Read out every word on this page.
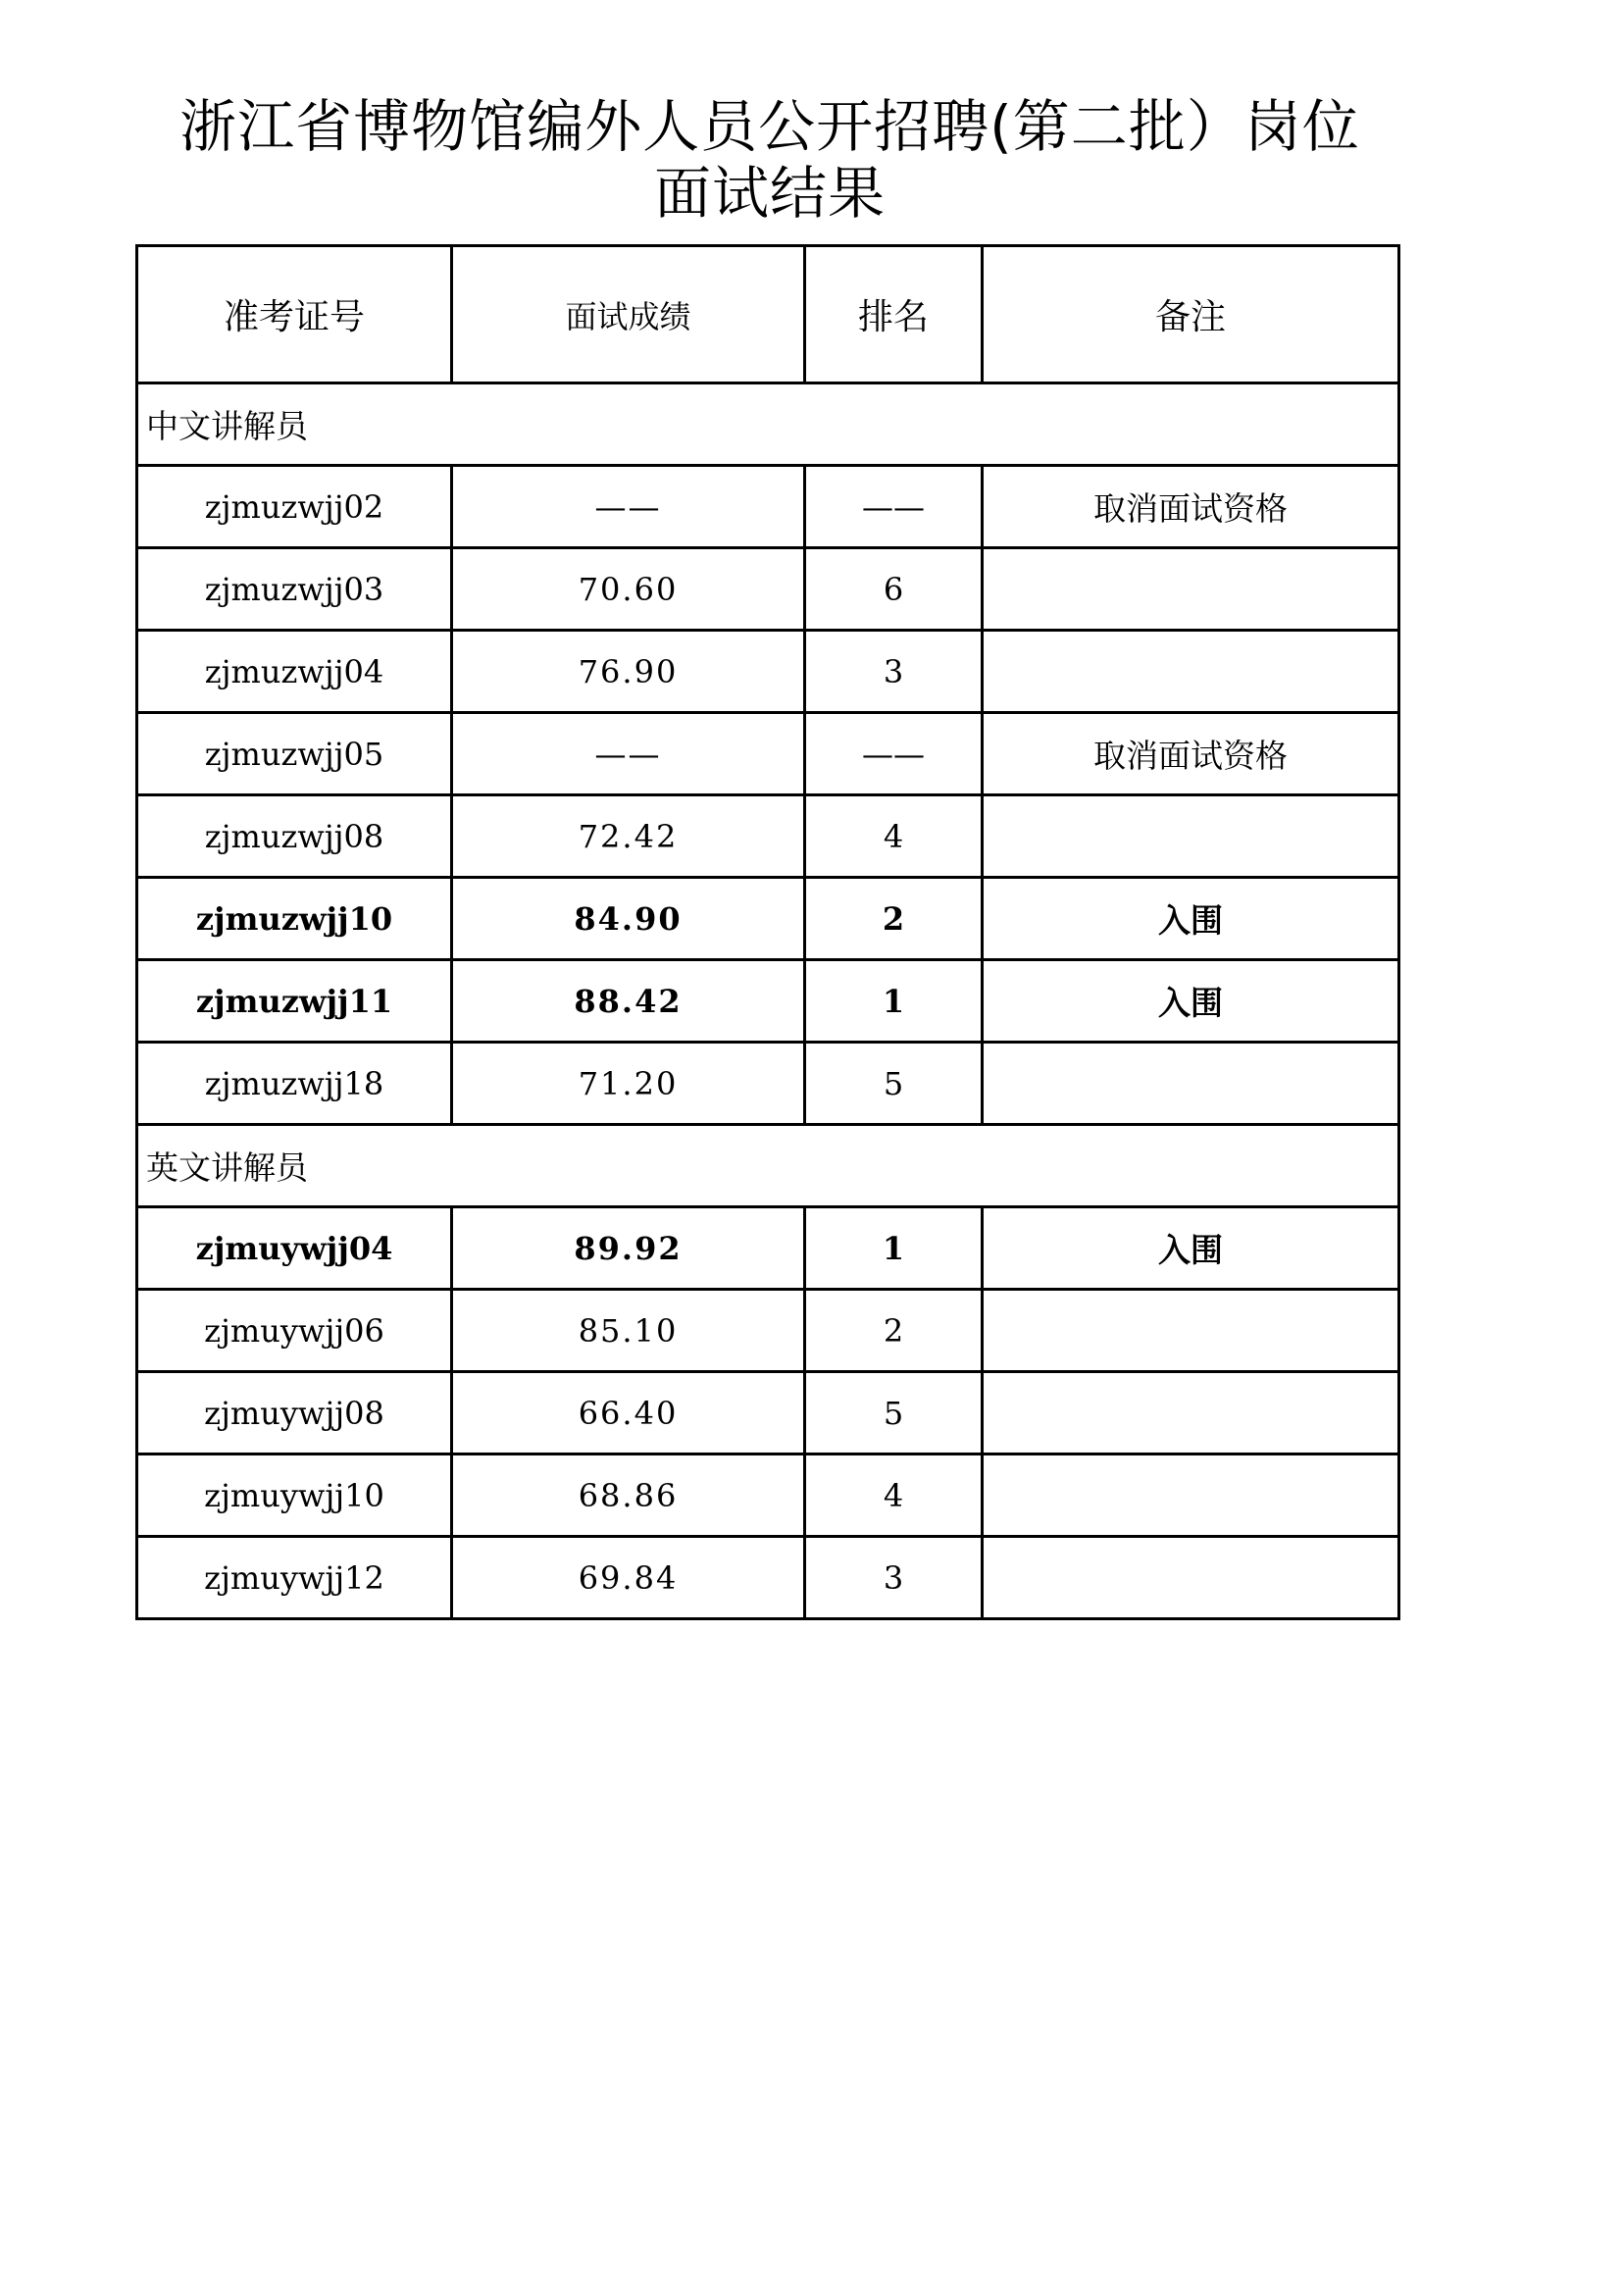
浙江省博物馆编外人员公开招聘(第二批）岗位
面试结果
准考证号	面试成绩	排名	备注
中文讲解员			
zjmuzwjj02	——	——	取消面试资格
zjmuzwjj03	70.60	6	
zjmuzwjj04	76.90	3	
zjmuzwjj05	——	——	取消面试资格
zjmuzwjj08	72.42	4	
zjmuzwjj10	84.90	2	入围
zjmuzwjj11	88.42	1	入围
zjmuzwjj18	71.20	5	
英文讲解员			
zjmuywjj04	89.92	1	入围
zjmuywjj06	85.10	2	
zjmuywjj08	66.40	5	
zjmuywjj10	68.86	4	
zjmuywjj12	69.84	3	
